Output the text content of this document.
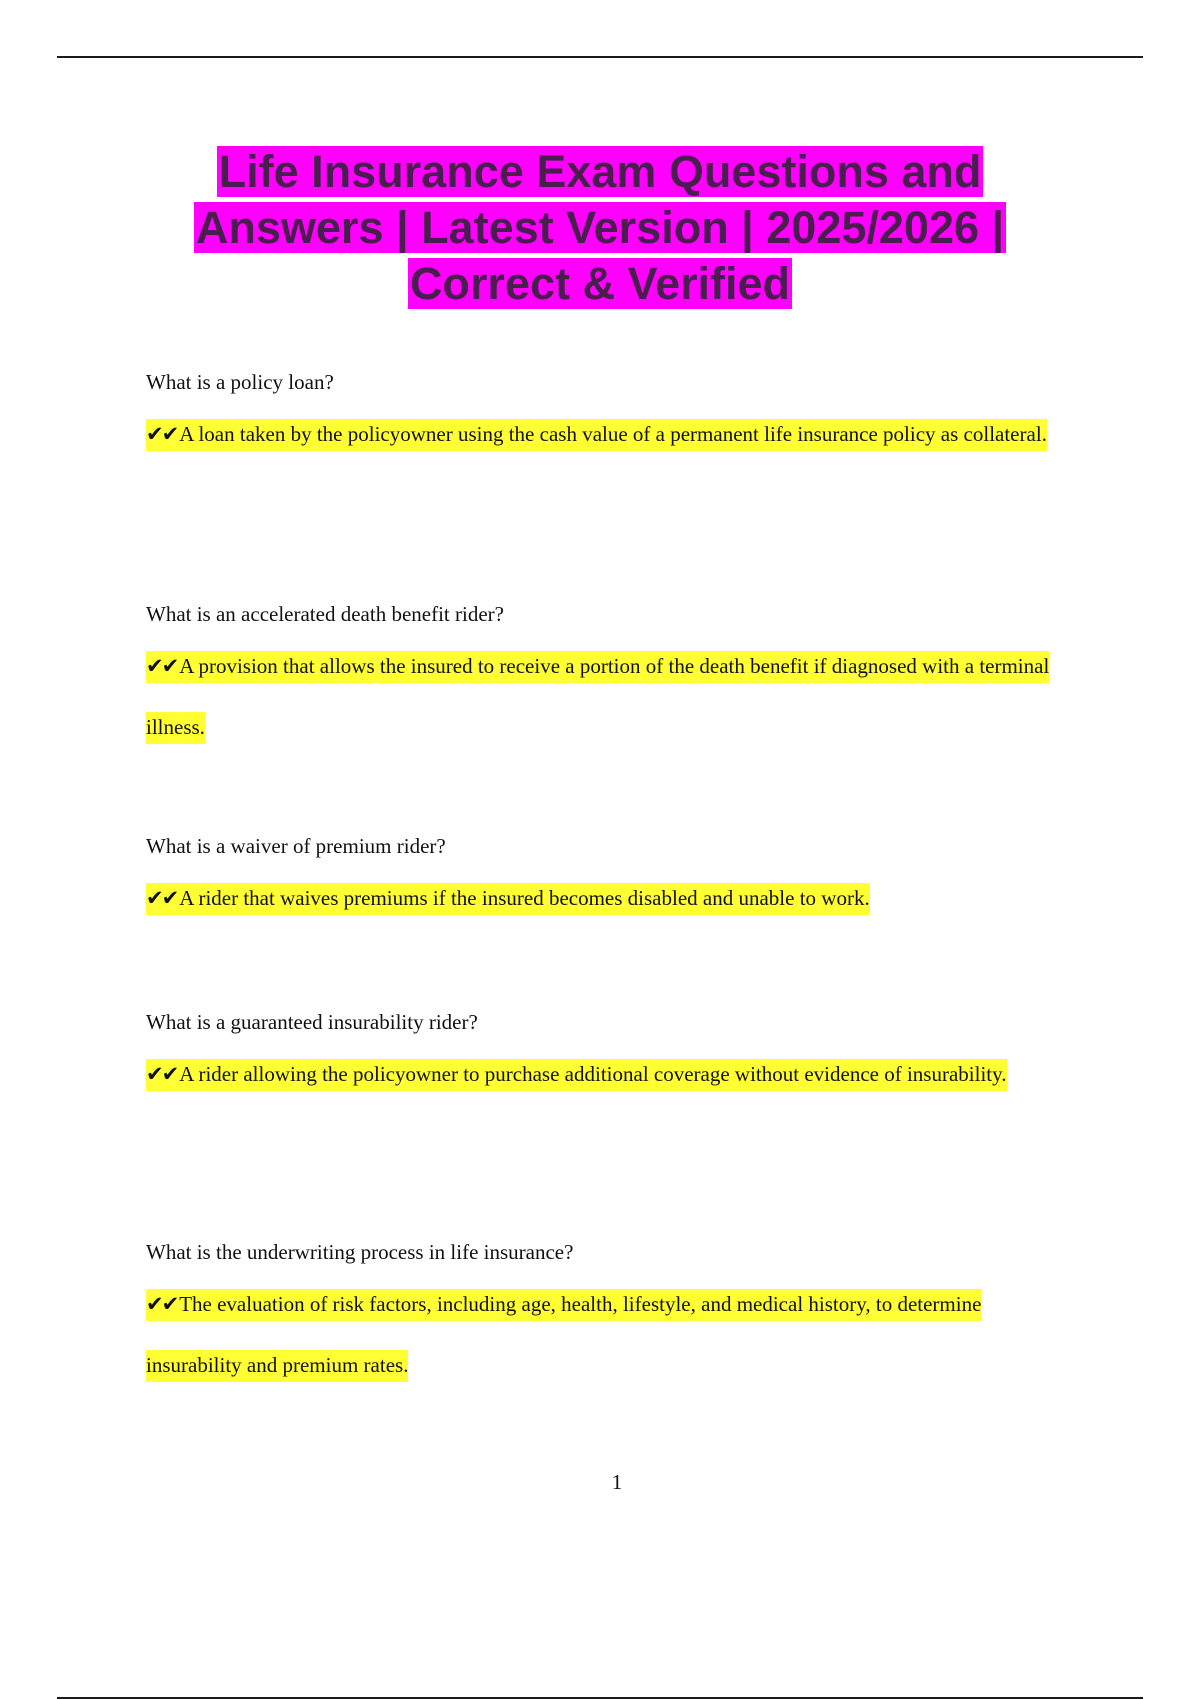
Life Insurance Exam Questions and
Answers | Latest Version | 2025/2026 |
Correct & Verified

What is a policy loan?

✔✔A loan taken by the policyowner using the cash value of a permanent life insurance policy as collateral.

What is an accelerated death benefit rider?

✔✔A provision that allows the insured to receive a portion of the death benefit if diagnosed with a terminal illness.

What is a waiver of premium rider?

✔✔A rider that waives premiums if the insured becomes disabled and unable to work.

What is a guaranteed insurability rider?

✔✔A rider allowing the policyowner to purchase additional coverage without evidence of insurability.

What is the underwriting process in life insurance?

✔✔The evaluation of risk factors, including age, health, lifestyle, and medical history, to determine insurability and premium rates.

1
